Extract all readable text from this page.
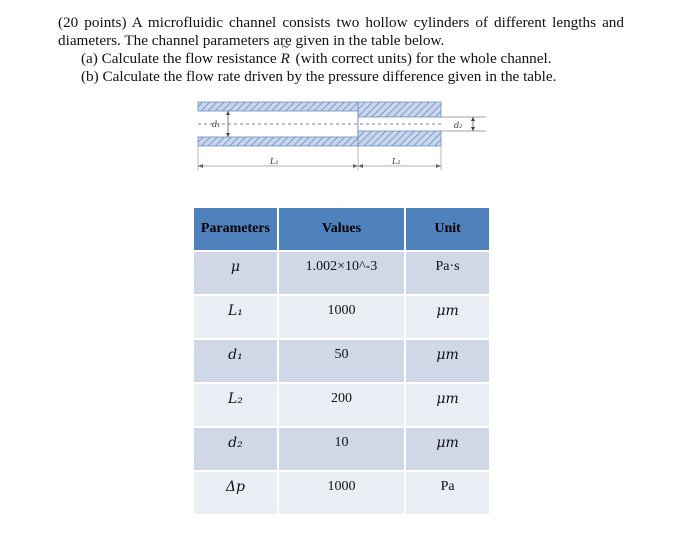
(20 points) A microfluidic channel consists two hollow cylinders of different lengths and diameters. The channel parameters are given in the table below.
(a) Calculate the flow resistance ~ R (with correct units) for the whole channel.
(b) Calculate the flow rate driven by the pressure difference given in the table.
d₁	d₂
L₁	L₂
Parameters	Values	Unit
μ	1.002×10^-3	Pa·s
L₁	1000	μm
d₁	50	μm
L₂	200	μm
d₂	10	μm
Δp	1000	Pa
